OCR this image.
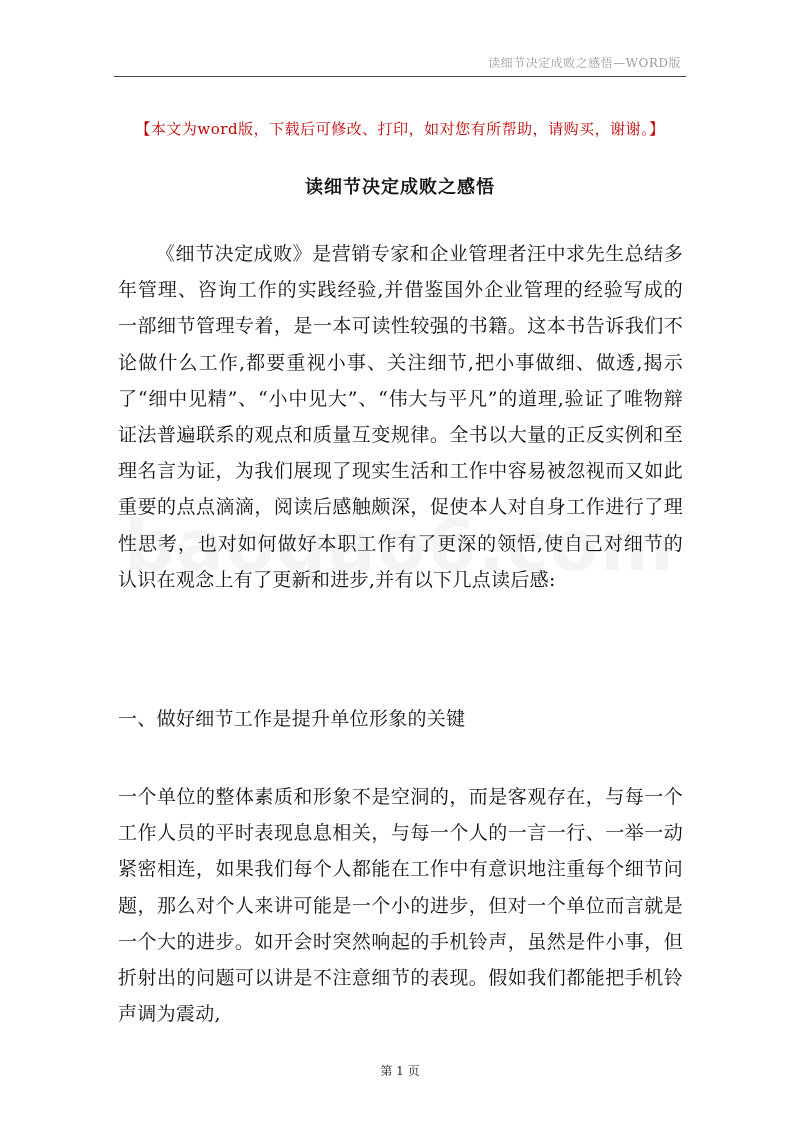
读细节决定成败之感悟—WORD版
【本文为word版，下载后可修改、打印，如对您有所帮助，请购买，谢谢。】
读细节决定成败之感悟

《细节决定成败》是营销专家和企业管理者汪中求先生总结多年管理、咨询工作的实践经验,并借鉴国外企业管理的经验写成的一部细节管理专着，是一本可读性较强的书籍。这本书告诉我们不论做什么工作,都要重视小事、关注细节,把小事做细、做透,揭示了“细中见精”、“小中见大”、“伟大与平凡”的道理,验证了唯物辩证法普遍联系的观点和质量互变规律。全书以大量的正反实例和至理名言为证，为我们展现了现实生活和工作中容易被忽视而又如此重要的点点滴滴，阅读后感触颇深，促使本人对自身工作进行了理性思考，也对如何做好本职工作有了更深的领悟,使自己对细节的认识在观念上有了更新和进步,并有以下几点读后感:

一、做好细节工作是提升单位形象的关键

一个单位的整体素质和形象不是空洞的，而是客观存在，与每一个工作人员的平时表现息息相关，与每一个人的一言一行、一举一动紧密相连，如果我们每个人都能在工作中有意识地注重每个细节问题，那么对个人来讲可能是一个小的进步，但对一个单位而言就是一个大的进步。如开会时突然响起的手机铃声，虽然是件小事，但折射出的问题可以讲是不注意细节的表现。假如我们都能把手机铃声调为震动,

第 1 页
